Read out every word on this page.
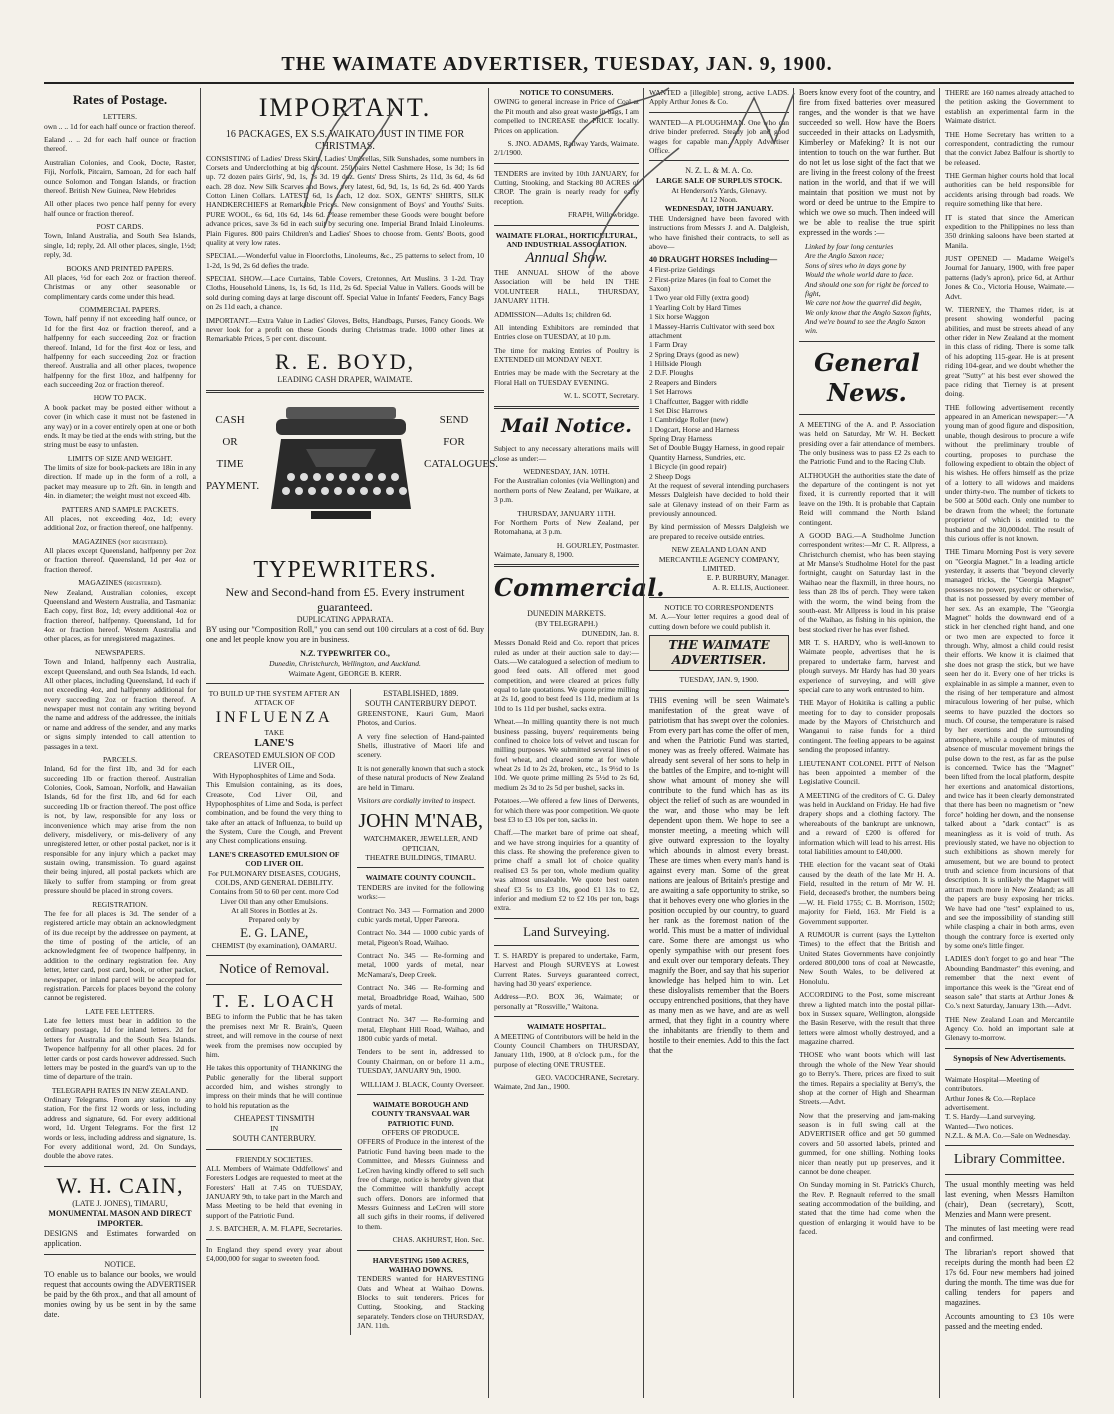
THE WAIMATE ADVERTISER, TUESDAY, JAN. 9, 1900.
Rates of Postage.
LETTERS.

own .. .. 1d for each half ounce or fraction thereof.

Ealand .. .. 2d for each half ounce or fraction thereof.

Australian Colonies, and Cook, Docte, Raster, Fiji, Norfolk, Pitcairn, Samoan, 2d for each half ounce Solomon and Tongan Islands, or fraction thereof. British New Guinea, New Hebrides

All other places two pence half penny for every half ounce or fraction thereof.

POST CARDS.

Town, Inland Australia, and South Sea Islands, single, 1d; reply, 2d. All other places, single, 1½d; reply, 3d.

BOOKS AND PRINTED PAPERS.

All places, ½d for each 2oz or fraction thereof. Christmas or any other seasonable or complimentary cards come under this head.

COMMERCIAL PAPERS.

Town, half penny if not exceeding half ounce, or 1d for the first 4oz or fraction thereof, and a halfpenny for each succeeding 2oz or fraction thereof. Inland, 1d for the first 4oz or less, and halfpenny for each succeeding 2oz or fraction thereof. Australia and all other places, twopence halfpenny for the first 10oz, and halfpenny for each succeeding 2oz or fraction thereof.

HOW TO PACK.

A book packet may be posted either without a cover (in which case it must not be fastened in any way) or in a cover entirely open at one or both ends. It may be tied at the ends with string, but the string must be easy to unfasten.

LIMITS OF SIZE AND WEIGHT.

The limits of size for book-packets are 18in in any direction. If made up in the form of a roll, a packet may measure up to 2ft. 6in. in length and 4in. in diameter; the weight must not exceed 4lb.

PATTERS AND SAMPLE PACKETS.

All places, not exceeding 4oz, 1d; every additional 2oz, or fraction thereof, one halfpenny.

MAGAZINES (not registered).

All places except Queensland, halfpenny per 2oz or fraction thereof. Queensland, 1d per 4oz or fraction thereof.

MAGAZINES (registered).

New Zealand, Australian colonies, except Queensland and Western Australia, and Tasmania: Each copy, first 8oz, 1d; every additional 4oz or fraction thereof, halfpenny. Queensland, 1d for 4oz or fraction hereof. Western Australia and other places, as for unregistered magazines.

NEWSPAPERS.

Town and Inland, halfpenny each Australia, except Queensland, and outh Sea Islands, 1d each. All other places, including Queensland, 1d each if not exceeding 4oz, and halfpenny additional for every succeeding 2oz or fraction thereof. A newspaper must not contain any writing beyond the name and address of the addressee, the initials or name and address of the sender, and any marks or signs simply intended to call attention to passages in a text.

PARCELS.

Inland, 6d for the first 1lb, and 3d for each succeeding 1lb or fraction thereof. Australian Colonies, Cook, Samoan, Norfolk, and Hawaiian Islands, 6d for the first 1lb, and 6d for each succeeding 1lb or fraction thereof. The post office is not, by law, responsible for any loss or inconvenience which may arise from the non delivery, misdelivery, or mis-delivery of any unregistered letter, or other postal packet, nor is it responsible for any injury which a packet may sustain owing, transmission. To guard against their being injured, all postal packets which are likely to suffer from stamping or from great pressure should be placed in strong covers.

REGISTRATION.

The fee for all places is 3d. The sender of a registered article may obtain an acknowledgment of its due receipt by the addressee on payment, at the time of posting of the article, of an acknowledgment fee of twopence halfpenny, in addition to the ordinary registration fee. Any letter, letter card, post card, book, or other packet, newspaper, or inland parcel will be accepted for registration. Parcels for places beyond the colony cannot be registered.

LATE FEE LETTERS.

Late fee letters must bear in addition to the ordinary postage, 1d for inland letters. 2d for letters for Australia and the South Sea Islands. Twopence halfpenny for all other places. 2d for letter cards or post cards however addressed. Such letters may be posted in the guard's van up to the time of departure of the train.

TELEGRAPH RATES IN NEW ZEALAND.

Ordinary Telegrams. From any station to any station, For the first 12 words or less, including address and signature, 6d. For every additional word, 1d. Urgent Telegrams. For the first 12 words or less, including address and signature, 1s. For every additional word, 2d. On Sundays, double the above rates.

W. H. CAIN,
(LATE J. JONES), TIMARU,
MONUMENTAL MASON AND DIRECT IMPORTER.

DESIGNS and Estimates forwarded on application.

NOTICE.

TO enable us to balance our books, we would request that accounts owing the ADVERTISER be paid by the 6th prox., and that all amount of monies owing by us be sent in by the same date.

IMPORTANT.
16 PACKAGES, EX S.S. WAIKATO, JUST IN TIME FOR CHRISTMAS.

CONSISTING of Ladies' Dress Skirts, Ladies' Umbrellas, Silk Sunshades, some numbers in Corsets and Underclothing at big discount. 250 pairs Nettel Cashmere Hose, 1s 3d; 1s 6d up. 72 dozen pairs Girls', 9d, 1s, 1s 3d. 19 doz. Gents' Dress Shirts, 2s 11d, 3s 6d, 4s 6d each. 28 doz. New Silk Scarves and Bows, very latest, 6d, 9d, 1s, 1s 6d, 2s 6d. 400 Yards Cotton Linen Collars. LATEST, 6d, 1s each, 12 doz. SOX, GENTS' SHIRTS, SILK HANDKERCHIEFS at Remarkable Prices. New consignment of Boys' and Youths' Suits. PURE WOOL, 6s 6d, 10s 6d, 14s 6d. Please remember these Goods were bought before advance prices, save 3s 6d in each suit by securing one. Imperial Brand Inlaid Linoleums. Plain Figures. 800 pairs Children's and Ladies' Shoes to choose from. Gents' Boots, good quality at very low rates.

SPECIAL.—Wonderful value in Floorcloths, Linoleums, &c., 25 patterns to select from, 10 1-2d, 1s 9d, 2s 6d defies the trade.

SPECIAL SHOW.—Lace Curtains, Table Covers, Cretonnes, Art Muslins. 3 1-2d. Tray Cloths, Household Linens, 1s, 1s 6d, 1s 11d, 2s 6d. Special Value in Vallers. Goods will be sold during coming days at large discount off. Special Value in Infants' Feeders, Fancy Bags on 2s 11d each, a chance.

IMPORTANT.—Extra Value in Ladies' Gloves, Belts, Handbags, Purses, Fancy Goods. We never look for a profit on these Goods during Christmas trade. 1000 other lines at Remarkable Prices, 5 per cent. discount.

R. E. BOYD,
LEADING CASH DRAPER, WAIMATE.
CASH
OR
TIME
PAYMENT.
SEND
FOR
CATALOGUES.
TYPEWRITERS.
New and Second-hand from £5. Every instrument guaranteed.
DUPLICATING APPARATA.

BY using our "Composition Roll," you can send out 100 circulars at a cost of 6d. Buy one and let people know you are in business.

N.Z. TYPEWRITER CO.,
Dunedin, Christchurch, Wellington, and Auckland.
Waimate Agent, GEORGE B. KERR.
TO BUILD UP THE SYSTEM AFTER AN ATTACK OF
INFLUENZA
TAKE
LANE'S
CREASOTED EMULSION OF COD LIVER OIL,
With Hypophosphites of Lime and Soda.

This Emulsion containing, as its does, Creasote, Cod Liver Oil, and Hypophosphites of Lime and Soda, is perfect combination, and be found the very thing to take after an attack of Influenza, to build up the System, Cure the Cough, and Prevent any Chest complications ensuing.

LANE'S CREASOTED EMULSION OF COD LIVER OIL
For PULMONARY DISEASES, COUGHS, COLDS, AND GENERAL DEBILITY.
Contains from 50 to 60 per cent. more Cod Liver Oil than any other Emulsions.
At all Stores in Bottles at 2s.
Prepared only by
E. G. LANE,
CHEMIST (by examination), OAMARU.
Notice of Removal.
T. E. LOACH

BEG to inform the Public that he has taken the premises next Mr R. Brain's, Queen street, and will remove in the course of next week from the premises now occupied by him.

He takes this opportunity of THANKING the Public generally for the liberal support accorded him, and wishes strongly to impress on their minds that he will continue to hold his reputation as the

CHEAPEST TINSMITH
IN
SOUTH CANTERBURY.
FRIENDLY SOCIETIES.

ALL Members of Waimate Oddfellows' and Foresters Lodges are requested to meet at the Foresters' Hall at 7.45 on TUESDAY, JANUARY 9th, to take part in the March and Mass Meeting to be held that evening in support of the Patriotic Fund.

J. S. BATCHER, A. M. FLAPE, Secretaries.

In England they spend every year about £4,000,000 for sugar to sweeten food.

ESTABLISHED, 1889.
SOUTH CANTERBURY DEPOT.

GREENSTONE, Kauri Gum, Maori Photos, and Curios.

A very fine selection of Hand-painted Shells, illustrative of Maori life and scenery.

It is not generally known that such a stock of these natural products of New Zealand are held in Timaru.

Visitors are cordially invited to inspect.

JOHN M'NAB,
WATCHMAKER, JEWELLER, AND OPTICIAN,
THEATRE BUILDINGS, TIMARU.
WAIMATE COUNTY COUNCIL.

TENDERS are invited for the following works:—

Contract No. 343 — Formation and 2000 cubic yards metal, Upper Pareora.

Contract No. 344 — 1000 cubic yards of metal, Pigeon's Road, Waihao.

Contract No. 345 — Re-forming and metal, 1000 yards of metal, near McNamara's, Deep Creek.

Contract No. 346 — Re-forming and metal, Broadbridge Road, Waihao, 500 yards of metal.

Contract No. 347 — Re-forming and metal, Elephant Hill Road, Waihao, and 1800 cubic yards of metal.

Tenders to be sent in, addressed to County Chairman, on or before 11 a.m., TUESDAY, JANUARY 9th, 1900.

WILLIAM J. BLACK, County Overseer.
WAIMATE BOROUGH AND COUNTY TRANSVAAL WAR PATRIOTIC FUND.
OFFERS OF PRODUCE.

OFFERS of Produce in the interest of the Patriotic Fund having been made to the Committee, and Messrs Guinness and LeCren having kindly offered to sell such free of charge, notice is hereby given that the Committee will thankfully accept such offers. Donors are informed that Messrs Guinness and LeCren will store all such gifts in their rooms, if delivered to them.

CHAS. AKHURST, Hon. Sec.
HARVESTING 1500 ACRES, WAIHAO DOWNS.

TENDERS wanted for HARVESTING Oats and Wheat at Waihao Downs. Blocks to suit tenderers. Prices for Cutting, Stooking, and Stacking separately. Tenders close on THURSDAY, JAN. 11th.

NOTICE TO CONSUMERS.

OWING to general increase in Price of Coal at the Pit mouth and also great waste in bags, I am compelled to INCREASE the PRICE locally. Prices on application.

S. JNO. ADAMS, Railway Yards, Waimate.
2/1/1900.

TENDERS are invited by 10th JANUARY, for Cutting, Stooking, and Stacking 80 ACRES of CROP. The grain is nearly ready for early reception.

FRAPH, Willowbridge.
WAIMATE FLORAL, HORTICULTURAL, AND INDUSTRIAL ASSOCIATION.
Annual Show.

THE ANNUAL SHOW of the above Association will be held IN THE VOLUNTEER HALL, THURSDAY, JANUARY 11TH.

ADMISSION—Adults 1s; children 6d.

All intending Exhibitors are reminded that Entries close on TUESDAY, at 10 p.m.

The time for making Entries of Poultry is EXTENDED till MONDAY NEXT.

Entries may be made with the Secretary at the Floral Hall on TUESDAY EVENING.

W. L. SCOTT, Secretary.
Mail Notice.

Subject to any necessary alterations mails will close as under:—

WEDNESDAY, JAN. 10TH.

For the Australian colonies (via Wellington) and northern ports of New Zealand, per Waikare, at 3 p.m.

THURSDAY, JANUARY 11TH.

For Northern Ports of New Zealand, per Rotomahana, at 3 p.m.

H. GOURLEY, Postmaster.
Waimate, January 8, 1900.
Commercial.
DUNEDIN MARKETS.
(BY TELEGRAPH.)
DUNEDIN, Jan. 8.

Messrs Donald Reid and Co. report that prices ruled as under at their auction sale to day:— Oats.—We catalogued a selection of medium to good feed oats. All offered met good competition, and were cleared at prices fully equal to late quotations. We quote prime milling at 2s 1d, good to best feed 1s 11d, medium at 1s 10d to 1s 11d per bushel, sacks extra.

Wheat.—In milling quantity there is not much business passing, buyers' requirements being confined to choice lots of velvet and tuscan for milling purposes. We submitted several lines of fowl wheat, and cleared some at for whole wheat 2s 1d to 2s 2d, broken, etc., 1s 9½d to 1s 10d. We quote prime milling 2s 5½d to 2s 6d, medium 2s 3d to 2s 5d per bushel, sacks in.

Potatoes.—We offered a few lines of Derwents, for which there was poor competition. We quote best £3 to £3 10s per ton, sacks in.

Chaff.—The market bare of prime oat sheaf, and we have strong inquiries for a quantity of this class. Re showing the preference given to prime chaff a small lot of choice quality realised £3 5s per ton, whole medium quality was almost unsaleable. We quote best oaten sheaf £3 5s to £3 10s, good £1 13s to £2, inferior and medium £2 to £2 10s per ton, bags extra.

Land Surveying.

T. S. HARDY is prepared to undertake, Farm, Harvest and Plough SURVEYS at Lowest Current Rates. Surveys guaranteed correct, having had 30 years' experience.

Address—P.O. BOX 36, Waimate; or personally at "Rossville," Waitona.

WAIMATE HOSPITAL.

A MEETING of Contributors will be held in the County Council Chambers on THURSDAY, January 11th, 1900, at 8 o'clock p.m., for the purpose of electing ONE TRUSTEE.

GEO. VACOCHRANE, Secretary.
Waimate, 2nd Jan., 1900.

WANTED a [illegible] strong, active LADS. Apply Arthur Jones & Co.

WANTED—A PLOUGHMAN. One who can drive binder preferred. Steady job and good wages for capable man. Apply Advertiser Office.

N. Z. L. & M. A. Co.
LARGE SALE OF SURPLUS STOCK.
At Henderson's Yards, Glenavy.
At 12 Noon.
WEDNESDAY, 10TH JANUARY.

THE Undersigned have been favored with instructions from Messrs J. and A. Dalgleish, who have finished their contracts, to sell as above—

40 DRAUGHT HORSES Including—
4 First-prize Geldings
2 First-prize Mares (in foal to Comet the Saxon)
1 Two year old Filly (extra good)
1 Yearling Colt by Hard Times
1 Six horse Waggon
1 Massey-Harris Cultivator with seed box attachment
1 Farm Dray
2 Spring Drays (good as new)
1 Hillside Plough
2 D.F. Ploughs
2 Reapers and Binders
1 Set Harrows
1 Chaffcutter, Bagger with riddle
1 Set Disc Harrows
1 Cambridge Roller (new)
1 Dogcart, Horse and Harness
Spring Dray Harness
Set of Double Buggy Harness, in good repair
Quantity Harness, Sundries, etc.
1 Bicycle (in good repair)
2 Sheep Dogs

At the request of several intending purchasers Messrs Dalgleish have decided to hold their sale at Glenavy instead of on their Farm as previously announced.

By kind permission of Messrs Dalgleish we are prepared to receive outside entries.

NEW ZEALAND LOAN AND MERCANTILE AGENCY COMPANY, LIMITED.
E. P. BURBURY, Manager.
A. R. ELLIS, Auctioneer.
NOTICE TO CORRESPONDENTS

M. A.—Your letter requires a good deal of cutting down before we could publish it.

THE WAIMATE ADVERTISER.
TUESDAY, JAN. 9, 1900.

THIS evening will be seen Waimate's manifestation of the great wave of patriotism that has swept over the colonies. From every part has come the offer of men, and when the Patriotic Fund was started, money was as freely offered. Waimate has already sent several of her sons to help in the battles of the Empire, and to-night will show what amount of money she will contribute to the fund which has as its object the relief of such as are wounded in the war, and those who may be left dependent upon them. We hope to see a monster meeting, a meeting which will give outward expression to the loyalty which abounds in almost every breast. These are times when every man's hand is against every man. Some of the great nations are jealous of Britain's prestige and are awaiting a safe opportunity to strike, so that it behoves every one who glories in the position occupied by our country, to guard her rank as the foremost nation of the world. This must be a matter of individual care. Some there are amongst us who openly sympathise with our present foes and exult over our temporary defeats. They magnify the Boer, and say that his superior knowledge has helped him to win. Let these disloyalists remember that the Boers occupy entrenched positions, that they have as many men as we have, and are as well armed, that they fight in a country where the inhabitants are friendly to them and hostile to their enemies. Add to this the fact that the

Boers know every foot of the country, and fire from fixed batteries over measured ranges, and the wonder is that we have succeeded so well. How have the Boers succeeded in their attacks on Ladysmith, Kimberley or Mafeking? It is not our intention to touch on the war further. But do not let us lose sight of the fact that we are living in the freest colony of the freest nation in the world, and that if we will maintain that position we must not by word or deed be untrue to the Empire to which we owe so much. Then indeed will we be able to realise the true spirit expressed in the words :—

Linked by four long centuries
Are the Anglo Saxon race;
Sons of sires who in days gone by
Would the whole world dare to face.
And should one son for right be forced to fight,
We care not how the quarrel did begin,
We only know that the Anglo Saxon fights,
And we're bound to see the Anglo Saxon win.
General News.

A MEETING of the A. and P. Association was held on Saturday, Mr W. H. Beckett presiding over a fair attendance of members. The only business was to pass £2 2s each to the Patriotic Fund and to the Racing Club.

ALTHOUGH the authorities state the date of the departure of the contingent is not yet fixed, it is currently reported that it will leave on the 19th. It is probable that Captain Reid will command the North Island contingent.

A GOOD BAG.—A Studholme Junction correspondent writes:—Mr C. R. Allpress, a Christchurch chemist, who has been staying at Mr Manse's Studholme Hotel for the past fortnight, caught on Saturday last in the Waihao near the flaxmill, in three hours, no less than 28 lbs of perch. They were taken with the worm, the wind being from the south-east. Mr Allpress is loud in his praise of the Waihao, as fishing in his opinion, the best stocked river he has ever fished.

MR T. S. HARDY, who is well-known to Waimate people, advertises that he is prepared to undertake farm, harvest and plough surveys. Mr Hardy has had 30 years experience of surveying, and will give special care to any work entrusted to him.

THE Mayor of Hokitika is calling a public meeting for to day to consider proposals made by the Mayors of Christchurch and Wanganui to raise funds for a third contingent. The feeling appears to be against sending the proposed infantry.

LIEUTENANT COLONEL PITT of Nelson has been appointed a member of the Legislative Council.

A MEETING of the creditors of C. G. Daley was held in Auckland on Friday. He had five drapery shops and a clothing factory. The whereabouts of the bankrupt are unknown, and a reward of £200 is offered for information which will lead to his arrest. His total liabilities amount to £40,000.

THE election for the vacant seat of Otaki caused by the death of the late Mr H. A. Field, resulted in the return of Mr W. H. Field, deceased's brother, the numbers being—W. H. Field 1755; C. B. Morrison, 1502; majority for Field, 163. Mr Field is a Government supporter.

A RUMOUR is current (says the Lyttelton Times) to the effect that the British and United States Governments have conjointly ordered 800,000 tons of coal at Newcastle, New South Wales, to be delivered at Honolulu.

ACCORDING to the Post, some miscreant threw a lighted match into the postal pillar-box in Sussex square, Wellington, alongside the Basin Reserve, with the result that three letters were almost wholly destroyed, and a magazine charred.

THOSE who want boots which will last through the whole of the New Year should go to Berry's. There, prices are fixed to suit the times. Repairs a speciality at Berry's, the shop at the corner of High and Shearman Streets.—Advt.

Now that the preserving and jam-making season is in full swing call at the ADVERTISER office and get 50 gummed covers and 50 assorted labels, printed and gummed, for one shilling. Nothing looks nicer than neatly put up preserves, and it cannot be done cheaper.

On Sunday morning in St. Patrick's Church, the Rev. P. Regnault referred to the small seating accommodation of the building, and stated that the time had come when the question of enlarging it would have to be faced.

THERE are 160 names already attached to the petition asking the Government to establish an experimental farm in the Waimate district.

THE Home Secretary has written to a correspondent, contradicting the rumour that the convict Jabez Balfour is shortly to be released.

THE German higher courts hold that local authorities can be held responsible for accidents arising through bad roads. We require something like that here.

IT is stated that since the American expedition to the Philippines no less than 350 drinking saloons have been started at Manila.

JUST OPENED — Madame Weigel's Journal for January, 1900, with free paper patterns (lady's apron), price 6d, at Arthur Jones & Co., Victoria House, Waimate.—Advt.

W. TIERNEY, the Thames rider, is at present showing wonderful pacing abilities, and must be streets ahead of any other rider in New Zealand at the moment in this class of riding. There is some talk of his adopting 115-gear. He is at present riding 104-gear, and we doubt whether the great "Sutty" at his best ever showed the pace riding that Tierney is at present doing.

THE following advertisement recently appeared in an American newspaper:—"A young man of good figure and disposition, unable, though desirous to procure a wife without the preliminary trouble of courting, proposes to purchase the following expedient to obtain the object of his wishes. He offers himself as the prize of a lottery to all widows and maidens under thirty-two. The number of tickets to be 500 at 500d each. Only one number to be drawn from the wheel; the fortunate proprietor of which is entitled to the husband and the 30,000dol. The result of this curious offer is not known.

THE Timaru Morning Post is very severe on "Georgia Magnet." In a leading article yesterday, it asserts that "beyond cleverly managed tricks, the "Georgia Magnet" possesses no power, psychic or otherwise, that is not possessed by every member of her sex. As an example, The "Georgia Magnet" holds the downward end of a stick in her clenched right hand, and one or two men are expected to force it through. Why, almost a child could resist their efforts. We know it is claimed that she does not grasp the stick, but we have seen her do it. Every one of her tricks is explainable in as simple a manner, even to the rising of her temperature and almost miraculous lowering of her pulse, which seems to have puzzled the doctors so much. Of course, the temperature is raised by her exertions and the surrounding atmosphere, while a couple of minutes of absence of muscular movement brings the pulse down to the rest, as far as the pulse is concerned. Twice has the "Magnet" been lifted from the local platform, despite her exertions and anatomical distortions, and twice has it been clearly demonstrated that there has been no magnetism or "new force" holding her down, and the nonsense talked about a "dark contact" is as meaningless as it is void of truth. As previously stated, we have no objection to such exhibitions as shown merely for amusement, but we are bound to protect truth and science from incursions of that description. It is unlikely the Magnet will attract much more in New Zealand; as all the papers are busy exposing her tricks. We have had one "test" explained to us, and see the impossibility of standing still while clasping a chair in both arms, even though the contrary force is exerted only by some one's little finger.

LADIES don't forget to go and hear "The Abounding Bandmaster" this evening, and remember that the next event of importance this week is the "Great end of season sale" that starts at Arthur Jones & Co.'s next Saturday, January 13th.—Advt.

THE New Zealand Loan and Mercantile Agency Co. hold an important sale at Glenavy to-morrow.

Synopsis of New Advertisements.
Waimate Hospital—Meeting of contributors.
Arthur Jones & Co.—Replace advertisement.
T. S. Hardy—Land surveying.
Wanted—Two notices.
N.Z.L. & M.A. Co.—Sale on Wednesday.
Library Committee.

The usual monthly meeting was held last evening, when Messrs Hamilton (chair), Dean (secretary), Scott, Menzies and Mann were present.

The minutes of last meeting were read and confirmed.

The librarian's report showed that receipts during the month had been £2 17s 6d. Four new members had joined during the month. The time was due for calling tenders for papers and magazines.

Accounts amounting to £3 10s were passed and the meeting ended.
